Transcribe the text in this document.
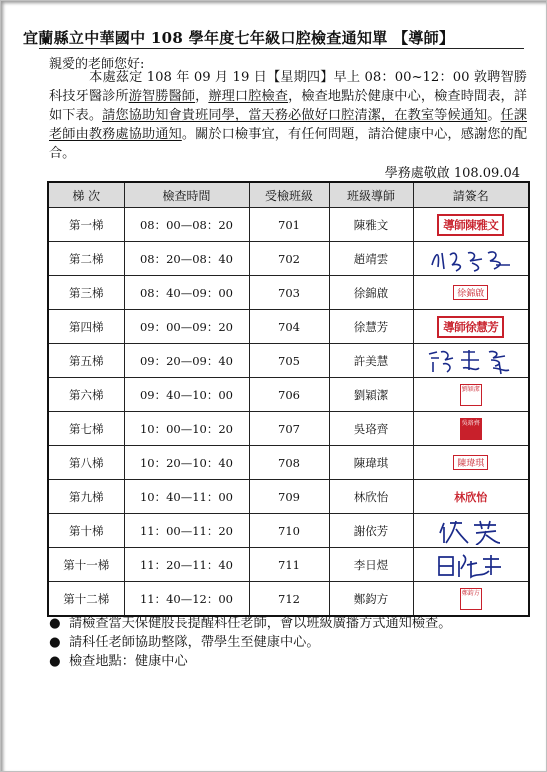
宜蘭縣立中華國中 108 學年度七年級口腔檢查通知單 【導師】
親愛的老師您好:
本處茲定 108 年 09 月 19 日【星期四】早上 08：00~12：00 敦聘智勝科技牙醫診所游智勝醫師，辦理口腔檢查，檢查地點於健康中心，檢查時間表，詳如下表。請您協助知會貴班同學，當天務必做好口腔清潔，在教室等候通知。任課老師由教務處協助通知。關於口檢事宜，有任何問題，請洽健康中心，感謝您的配合。
學務處敬啟 108.09.04
梯 次	檢查時間	受檢班級	班級導師	請簽名
第一梯	08：00—08：20	701	陳雅文	導師陳雅文
第二梯	08：20—08：40	702	趙靖雲	
第三梯	08：40—09：00	703	徐錦啟	徐錦啟
第四梯	09：00—09：20	704	徐慧芳	導師徐慧芳
第五梯	09：20—09：40	705	許美慧	
第六梯	09：40—10：00	706	劉穎潔	劉穎潔
第七梯	10：00—10：20	707	吳珞齊	吳珞齊
第八梯	10：20—10：40	708	陳瑋琪	陳瑋琪
第九梯	10：40—11：00	709	林欣怡	林欣怡
第十梯	11：00—11：20	710	謝依芳	
第十一梯	11：20—11：40	711	李日煜	
第十二梯	11：40—12：00	712	鄭鈞方	鄭鈞方
● 請檢查當天保健股長提醒科任老師，會以班級廣播方式通知檢查。
● 請科任老師協助整隊，帶學生至健康中心。
● 檢查地點：健康中心
